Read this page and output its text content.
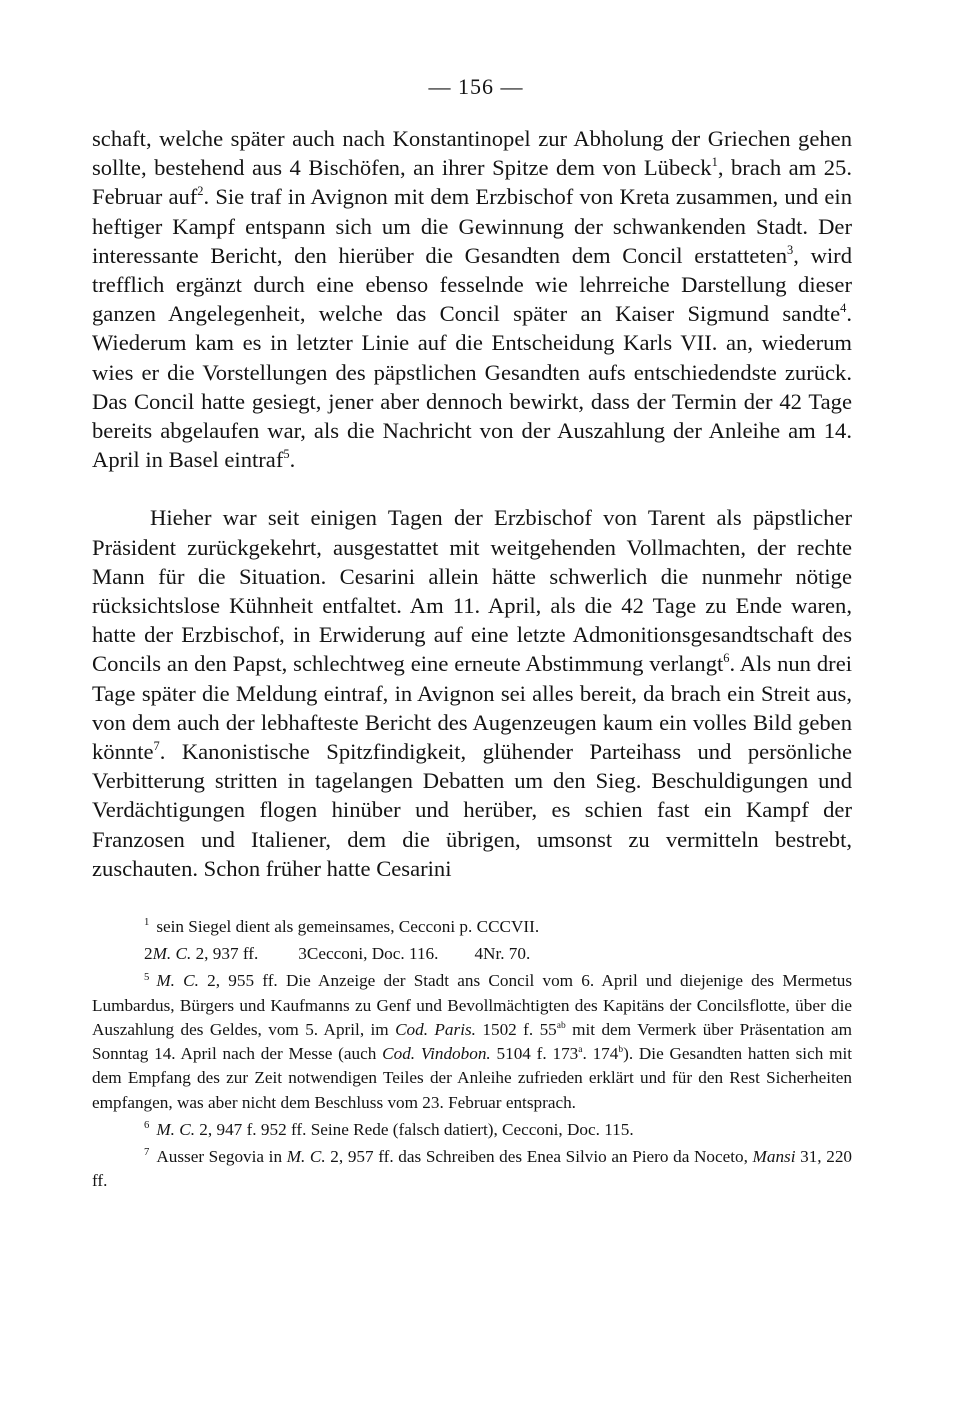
— 156 —

schaft, welche später auch nach Konstantinopel zur Abholung der Griechen gehen sollte, bestehend aus 4 Bischöfen, an ihrer Spitze dem von Lübeck$^1$, brach am 25. Februar auf$^2$. Sie traf in Avignon mit dem Erzbischof von Kreta zusammen, und ein heftiger Kampf entspann sich um die Gewinnung der schwankenden Stadt. Der interessante Bericht, den hierüber die Gesandten dem Concil erstatteten$^3$, wird trefflich ergänzt durch eine ebenso fesselnde wie lehrreiche Darstellung dieser ganzen Angelegenheit, welche das Concil später an Kaiser Sigmund sandte$^4$. Wiederum kam es in letzter Linie auf die Entscheidung Karls VII. an, wiederum wies er die Vorstellungen des päpstlichen Gesandten aufs entschiedendste zurück. Das Concil hatte gesiegt, jener aber dennoch bewirkt, dass der Termin der 42 Tage bereits abgelaufen war, als die Nachricht von der Auszahlung der Anleihe am 14. April in Basel eintraf$^5$.

Hieher war seit einigen Tagen der Erzbischof von Tarent als päpstlicher Präsident zurückgekehrt, ausgestattet mit weitgehenden Vollmachten, der rechte Mann für die Situation. Cesarini allein hätte schwerlich die nunmehr nötige rücksichtslose Kühnheit entfaltet. Am 11. April, als die 42 Tage zu Ende waren, hatte der Erzbischof, in Erwiderung auf eine letzte Admonitionsgesandtschaft des Concils an den Papst, schlechtweg eine erneute Abstimmung verlangt$^6$. Als nun drei Tage später die Meldung eintraf, in Avignon sei alles bereit, da brach ein Streit aus, von dem auch der lebhafteste Bericht des Augenzeugen kaum ein volles Bild geben könnte$^7$. Kanonistische Spitzfindigkeit, glühender Parteihass und persönliche Verbitterung stritten in tagelangen Debatten um den Sieg. Beschuldigungen und Verdächtigungen flogen hinüber und herüber, es schien fast ein Kampf der Franzosen und Italiener, dem die übrigen, umsonst zu vermitteln bestrebt, zuschauten. Schon früher hatte Cesarini

$^1$ sein Siegel dient als gemeinsames, Cecconi p. CCCVII.
2M. C. 2, 937 ff. 3Cecconi, Doc. 116. 4Nr. 70.
$^5$ M. C. 2, 955 ff. Die Anzeige der Stadt ans Concil vom 6. April und diejenige des Mermetus Lumbardus, Bürgers und Kaufmanns zu Genf und Bevollmächtigten des Kapitäns der Concilsflotte, über die Auszahlung des Geldes, vom 5. April, im Cod. Paris. 1502 f. $55^{ab}$ mit dem Vermerk über Präsentation am Sonntag 14. April nach der Messe (auch Cod. Vindobon. 5104 f. 173$^a$. 174$^b$). Die Gesandten hatten sich mit dem Empfang des zur Zeit notwendigen Teiles der Anleihe zufrieden erklärt und für den Rest Sicherheiten empfangen, was aber nicht dem Beschluss vom 23. Februar entsprach.
$^6$ M. C. 2, 947 f. 952 ff. Seine Rede (falsch datiert), Cecconi, Doc. 115.
$^7$ Ausser Segovia in M. C. 2, 957 ff. das Schreiben des Enea Silvio an Piero da Noceto, Mansi 31, 220 ff.
